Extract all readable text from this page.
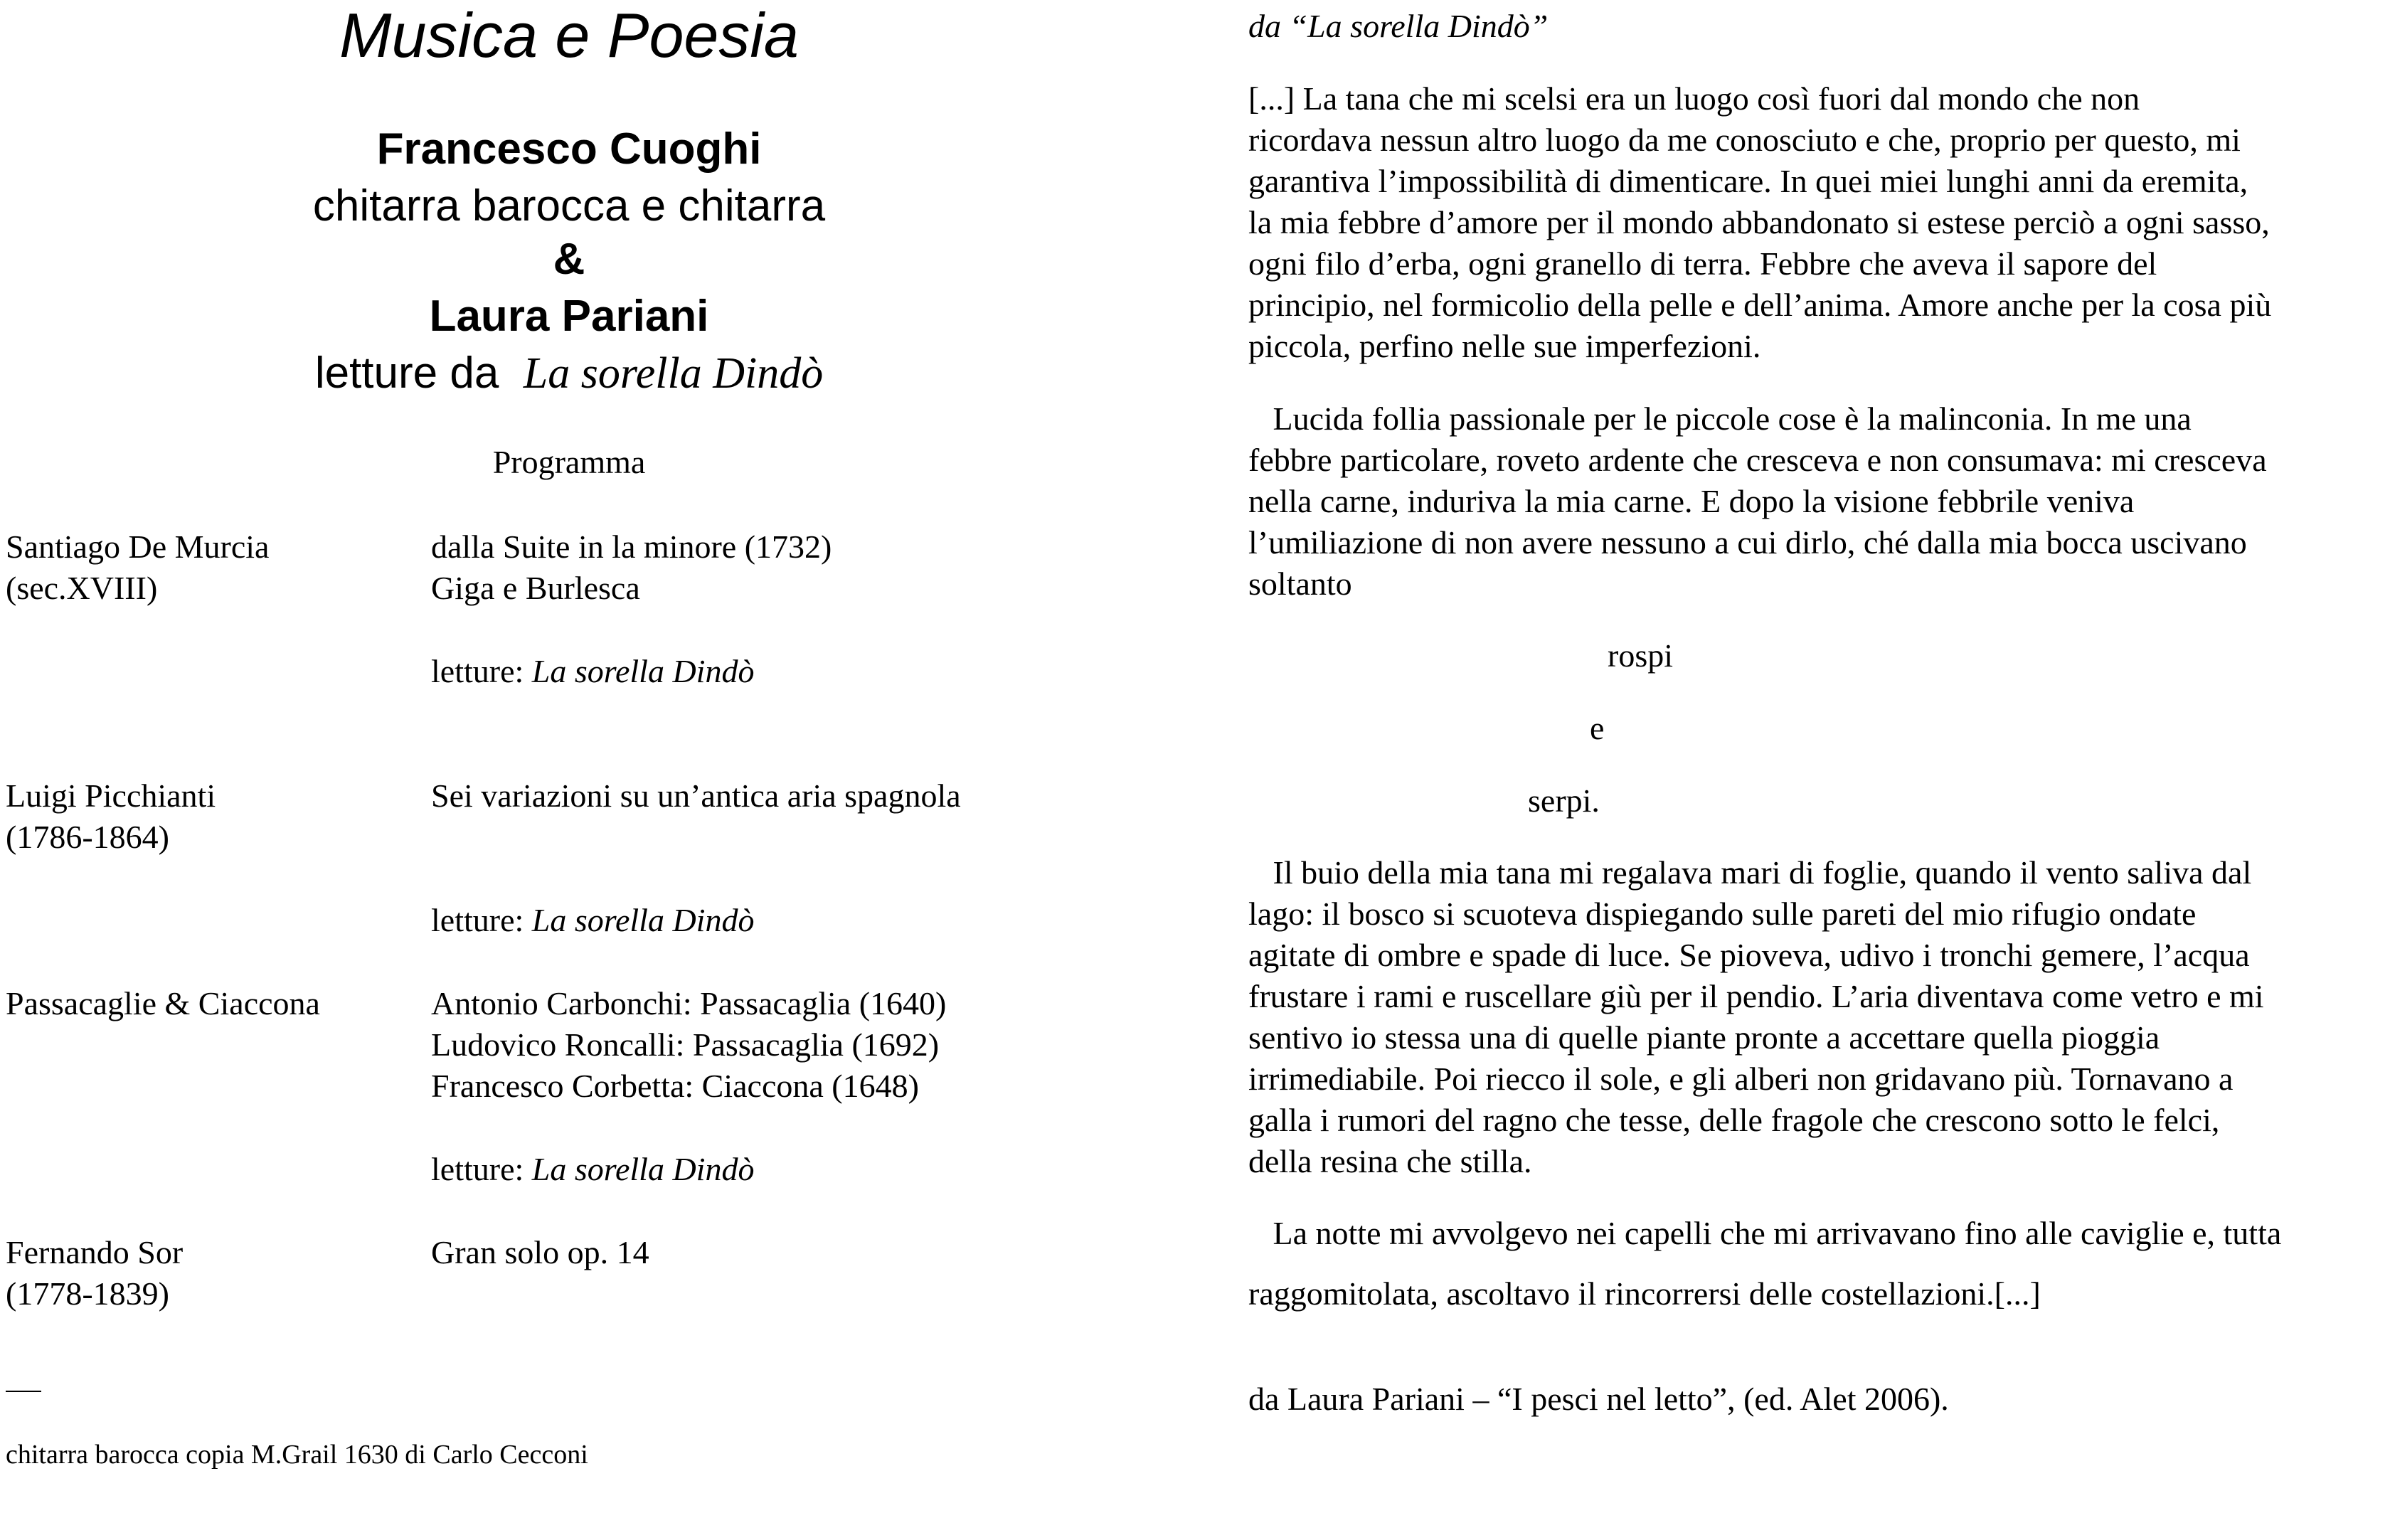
Musica e Poesia
Francesco Cuoghi
chitarra barocca e chitarra
&
Laura Pariani
letture da La sorella Dindò
Programma
Santiago De Murcia
(sec.XVIII)
dalla Suite in la minore (1732)
Giga e Burlesca
letture: La sorella Dindò
Luigi Picchianti
(1786-1864)
Sei variazioni su un’antica aria spagnola
letture: La sorella Dindò
Passacaglie & Ciaccona	Antonio Carbonchi: Passacaglia (1640)
Ludovico Roncalli: Passacaglia (1692)
Francesco Corbetta: Ciaccona (1648)
letture: La sorella Dindò
Fernando Sor
(1778-1839)
Gran solo op. 14
chitarra barocca copia M.Grail 1630 di Carlo Cecconi
da “La sorella Dindò”
[...] La tana che mi scelsi era un luogo così fuori dal mondo che non
ricordava nessun altro luogo da me conosciuto e che, proprio per questo, mi
garantiva l’impossibilità di dimenticare. In quei miei lunghi anni da eremita,
la mia febbre d’amore per il mondo abbandonato si estese perciò a ogni sasso,
ogni filo d’erba, ogni granello di terra. Febbre che aveva il sapore del
principio, nel formicolio della pelle e dell’anima. Amore anche per la cosa più
piccola, perfino nelle sue imperfezioni.
Lucida follia passionale per le piccole cose è la malinconia. In me una
febbre particolare, roveto ardente che cresceva e non consumava: mi cresceva
nella carne, induriva la mia carne. E dopo la visione febbrile veniva
l’umiliazione di non avere nessuno a cui dirlo, ché dalla mia bocca uscivano
soltanto
rospi
e
serpi.
Il buio della mia tana mi regalava mari di foglie, quando il vento saliva dal
lago: il bosco si scuoteva dispiegando sulle pareti del mio rifugio ondate
agitate di ombre e spade di luce. Se pioveva, udivo i tronchi gemere, l’acqua
frustare i rami e ruscellare giù per il pendio. L’aria diventava come vetro e mi
sentivo io stessa una di quelle piante pronte a accettare quella pioggia
irrimediabile. Poi riecco il sole, e gli alberi non gridavano più. Tornavano a
galla i rumori del ragno che tesse, delle fragole che crescono sotto le felci,
della resina che stilla.
La notte mi avvolgevo nei capelli che mi arrivavano fino alle caviglie e, tutta
raggomitolata, ascoltavo il rincorrersi delle costellazioni.[...]
da Laura Pariani – “I pesci nel letto”, (ed. Alet 2006).
